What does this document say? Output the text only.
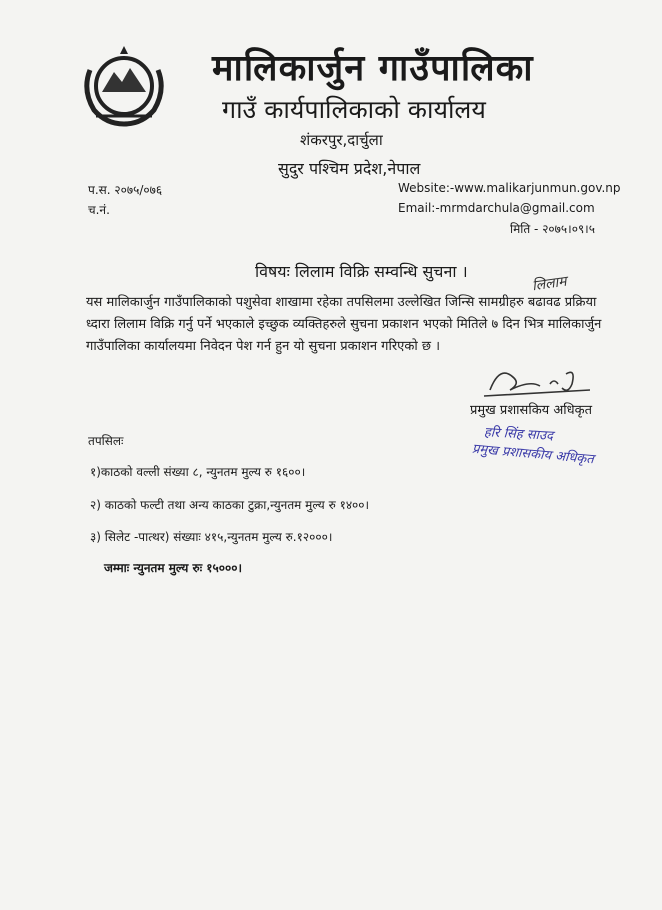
मालिकार्जुन गाउँपालिका
गाउँ कार्यपालिकाको कार्यालय
शंकरपुर,दार्चुला
सुदुर पश्चिम प्रदेश,नेपाल
प.स. २०७५/०७६
च.नं.
Website:-www.malikarjunmun.gov.np
Email:-mrmdarchula@gmail.com
मिति - २०७५।०९।५
विषयः लिलाम विक्रि सम्वन्धि सुचना ।
लिलाम
यस मालिकार्जुन गाउँपालिकाको पशुसेवा शाखामा रहेका तपसिलमा उल्लेखित जिन्सि सामग्रीहरु बढावढ प्रक्रिया
ध्दारा लिलाम विक्रि गर्नु पर्ने भएकाले इच्छुक व्यक्तिहरुले सुचना प्रकाशन भएको मितिले ७ दिन भित्र मालिकार्जुन
गाउँपालिका कार्यालयमा निवेदन पेश गर्न हुन यो सुचना प्रकाशन गरिएको छ ।
प्रमुख प्रशासकिय अधिकृत
हरि सिंह साउद
प्रमुख प्रशासकीय अधिकृत
तपसिलः
१)काठको वल्ली संख्या ८, न्युनतम मुल्य रु १६००।
२) काठको फल्टी तथा अन्य काठका टुक्रा,न्युनतम मुल्य रु १४००।
३) सिलेट -पात्थर) संख्याः ४१५,न्युनतम मुल्य रु.१२०००।
जम्माः न्युनतम मुल्य रुः १५०००।
